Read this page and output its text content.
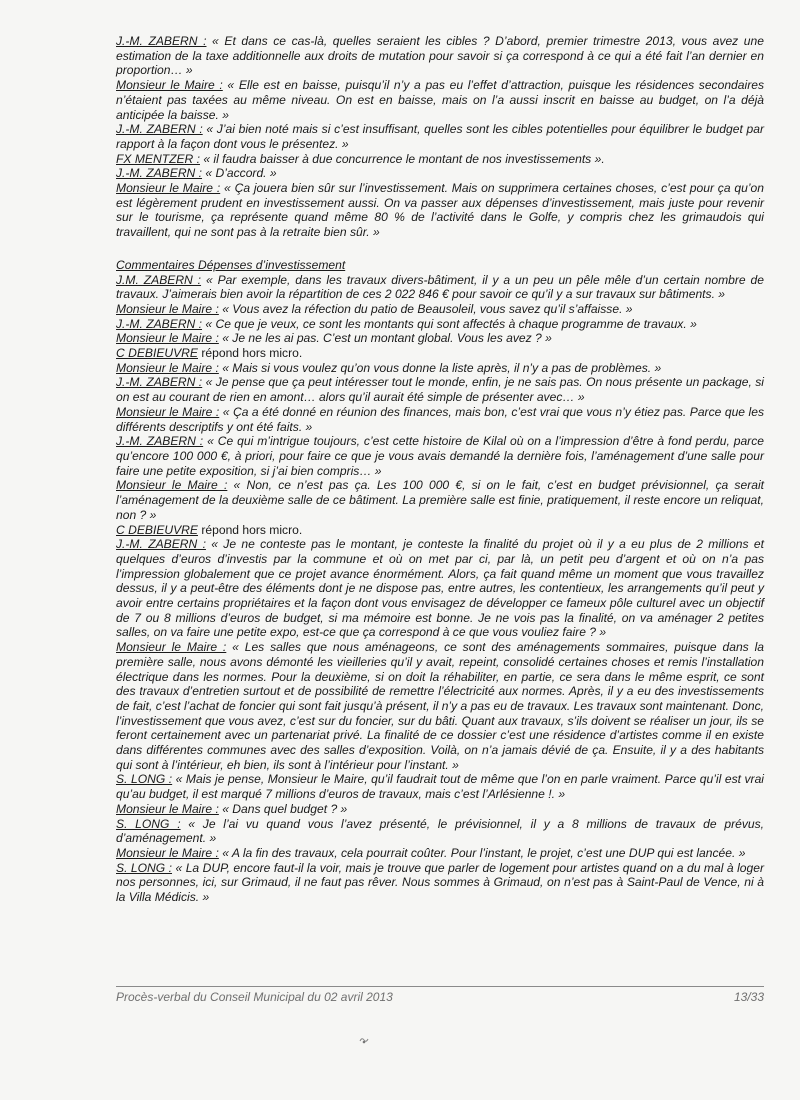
J.-M. ZABERN : « Et dans ce cas-là, quelles seraient les cibles ? D’abord, premier trimestre 2013, vous avez une estimation de la taxe additionnelle aux droits de mutation pour savoir si ça correspond à ce qui a été fait l’an dernier en proportion… »

Monsieur le Maire : « Elle est en baisse, puisqu’il n’y a pas eu l’effet d’attraction, puisque les résidences secondaires n’étaient pas taxées au même niveau. On est en baisse, mais on l’a aussi inscrit en baisse au budget, on l’a déjà anticipée la baisse. »

J.-M. ZABERN : « J’ai bien noté mais si c’est insuffisant, quelles sont les cibles potentielles pour équilibrer le budget par rapport à la façon dont vous le présentez. »

FX MENTZER : « il faudra baisser à due concurrence le montant de nos investissements ».

J.-M. ZABERN : « D’accord. »

Monsieur le Maire : « Ça jouera bien sûr sur l’investissement. Mais on supprimera certaines choses, c’est pour ça qu’on est légèrement prudent en investissement aussi. On va passer aux dépenses d’investissement, mais juste pour revenir sur le tourisme, ça représente quand même 80 % de l’activité dans le Golfe, y compris chez les grimaudois qui travaillent, qui ne sont pas à la retraite bien sûr. »

Commentaires Dépenses d’investissement

J.M. ZABERN : « Par exemple, dans les travaux divers-bâtiment, il y a un peu un pêle mêle d’un certain nombre de travaux. J’aimerais bien avoir la répartition de ces 2 022 846 € pour savoir ce qu’il y a sur travaux sur bâtiments. »

Monsieur le Maire : « Vous avez la réfection du patio de Beausoleil, vous savez qu’il s’affaisse. »

J.-M. ZABERN : « Ce que je veux, ce sont les montants qui sont affectés à chaque programme de travaux. »

Monsieur le Maire : « Je ne les ai pas. C’est un montant global. Vous les avez ? »

C DEBIEUVRE répond hors micro.

Monsieur le Maire : « Mais si vous voulez qu’on vous donne la liste après, il n’y a pas de problèmes. »

J.-M. ZABERN : « Je pense que ça peut intéresser tout le monde, enfin, je ne sais pas. On nous présente un package, si on est au courant de rien en amont… alors qu’il aurait été simple de présenter avec… »

Monsieur le Maire : « Ça a été donné en réunion des finances, mais bon, c’est vrai que vous n’y étiez pas. Parce que les différents descriptifs y ont été faits. »

J.-M. ZABERN : « Ce qui m’intrigue toujours, c’est cette histoire de Kilal où on a l’impression d’être à fond perdu, parce qu’encore 100 000 €, à priori, pour faire ce que je vous avais demandé la dernière fois, l’aménagement d’une salle pour faire une petite exposition, si j’ai bien compris… »

Monsieur le Maire : « Non, ce n’est pas ça. Les 100 000 €, si on le fait, c’est en budget prévisionnel, ça serait l’aménagement de la deuxième salle de ce bâtiment. La première salle est finie, pratiquement, il reste encore un reliquat, non ? »

C DEBIEUVRE répond hors micro.

J.-M. ZABERN : « Je ne conteste pas le montant, je conteste la finalité du projet où il y a eu plus de 2 millions et quelques d’euros d’investis par la commune et où on met par ci, par là, un petit peu d’argent et où on n’a pas l’impression globalement que ce projet avance énormément. Alors, ça fait quand même un moment que vous travaillez dessus, il y a peut-être des éléments dont je ne dispose pas, entre autres, les contentieux, les arrangements qu’il peut y avoir entre certains propriétaires et la façon dont vous envisagez de développer ce fameux pôle culturel avec un objectif de 7 ou 8 millions d’euros de budget, si ma mémoire est bonne. Je ne vois pas la finalité, on va aménager 2 petites salles, on va faire une petite expo, est-ce que ça correspond à ce que vous vouliez faire ? »

Monsieur le Maire : « Les salles que nous aménageons, ce sont des aménagements sommaires, puisque dans la première salle, nous avons démonté les vieilleries qu’il y avait, repeint, consolidé certaines choses et remis l’installation électrique dans les normes. Pour la deuxième, si on doit la réhabiliter, en partie, ce sera dans le même esprit, ce sont des travaux d’entretien surtout et de possibilité de remettre l’électricité aux normes. Après, il y a eu des investissements de fait, c’est l’achat de foncier qui sont fait jusqu’à présent, il n’y a pas eu de travaux. Les travaux sont maintenant. Donc, l’investissement que vous avez, c’est sur du foncier, sur du bâti. Quant aux travaux, s’ils doivent se réaliser un jour, ils se feront certainement avec un partenariat privé. La finalité de ce dossier c’est une résidence d’artistes comme il en existe dans différentes communes avec des salles d’exposition. Voilà, on n’a jamais dévié de ça. Ensuite, il y a des habitants qui sont à l’intérieur, eh bien, ils sont à l’intérieur pour l’instant. »

S. LONG : « Mais je pense, Monsieur le Maire, qu’il faudrait tout de même que l’on en parle vraiment. Parce qu’il est vrai qu’au budget, il est marqué 7 millions d’euros de travaux, mais c’est l’Arlésienne !. »

Monsieur le Maire : « Dans quel budget ? »

S. LONG : « Je l’ai vu quand vous l’avez présenté, le prévisionnel, il y a 8 millions de travaux de prévus, d’aménagement. »

Monsieur le Maire : « A la fin des travaux, cela pourrait coûter. Pour l’instant, le projet, c’est une DUP qui est lancée. »

S. LONG : « La DUP, encore faut-il la voir, mais je trouve que parler de logement pour artistes quand on a du mal à loger nos personnes, ici, sur Grimaud, il ne faut pas rêver. Nous sommes à Grimaud, on n’est pas à Saint-Paul de Vence, ni à la Villa Médicis. »

Procès-verbal du Conseil Municipal du 02 avril 2013	13/33
